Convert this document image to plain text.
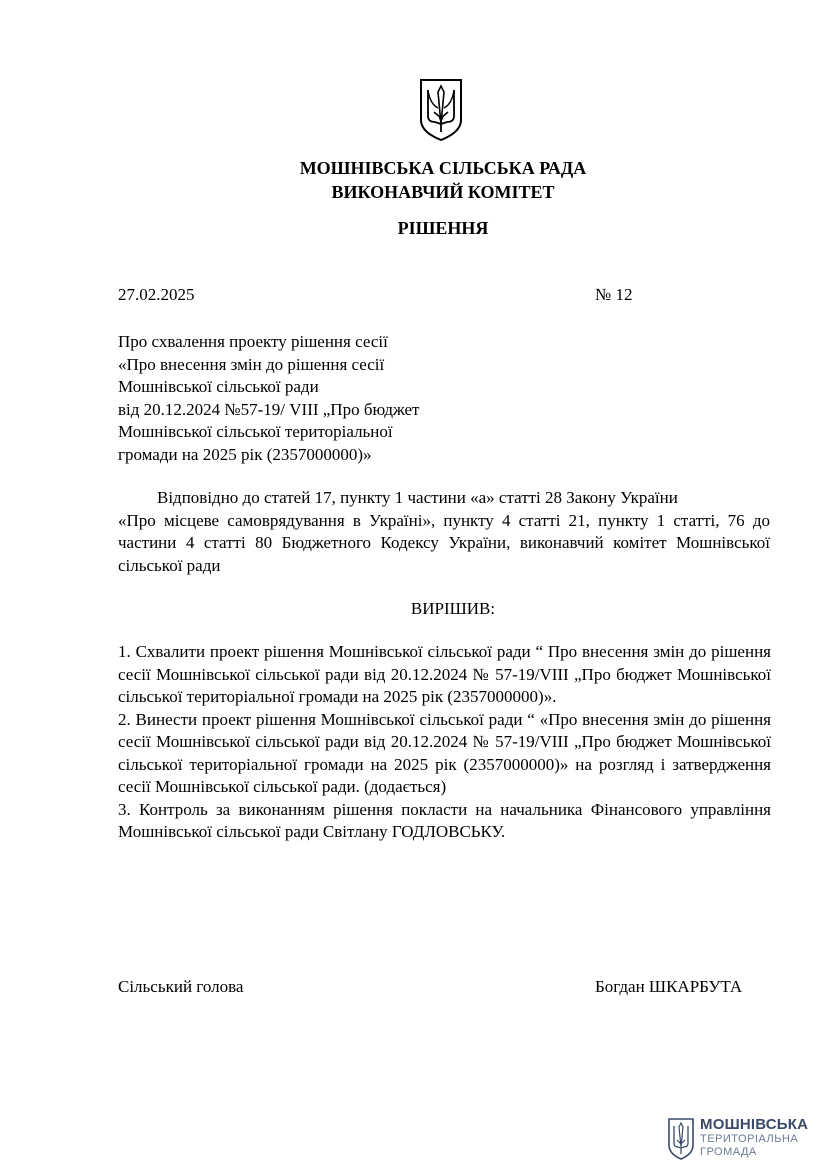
МОШНІВСЬКА СІЛЬСЬКА РАДА
ВИКОНАВЧИЙ КОМІТЕТ
РІШЕННЯ
27.02.2025	№ 12
Про схвалення проекту рішення сесії
«Про внесення змін до рішення сесії
Мошнівської сільської ради
від 20.12.2024 №57-19/ VIII „Про бюджет
Мошнівської сільської територіальної
громади на 2025 рік (2357000000)»
Відповідно до статей 17, пункту 1 частини «а» статті 28 Закону України
«Про місцеве самоврядування в Україні», пункту 4 статті 21, пункту 1 статті, 76 до частини 4 статті 80 Бюджетного Кодексу України, виконавчий комітет Мошнівської сільської ради
ВИРІШИВ:

1. Схвалити проект рішення Мошнівської сільської ради “ Про внесення змін до рішення сесії Мошнівської сільської ради від 20.12.2024 № 57-19/VIII „Про бюджет Мошнівської сільської територіальної громади на 2025 рік (2357000000)».

2. Винести проект рішення Мошнівської сільської ради “ «Про внесення змін до рішення сесії Мошнівської сільської ради від 20.12.2024 № 57-19/VIII „Про бюджет Мошнівської сільської територіальної громади на 2025 рік (2357000000)» на розгляд і затвердження сесії Мошнівської сільської ради. (додається)

3. Контроль за виконанням рішення покласти на начальника Фінансового управління Мошнівської сільської ради Світлану ГОДЛОВСЬКУ.

Сільський голова	Богдан ШКАРБУТА
МОШНІВСЬКА
ТЕРИТОРІАЛЬНА
ГРОМАДА
